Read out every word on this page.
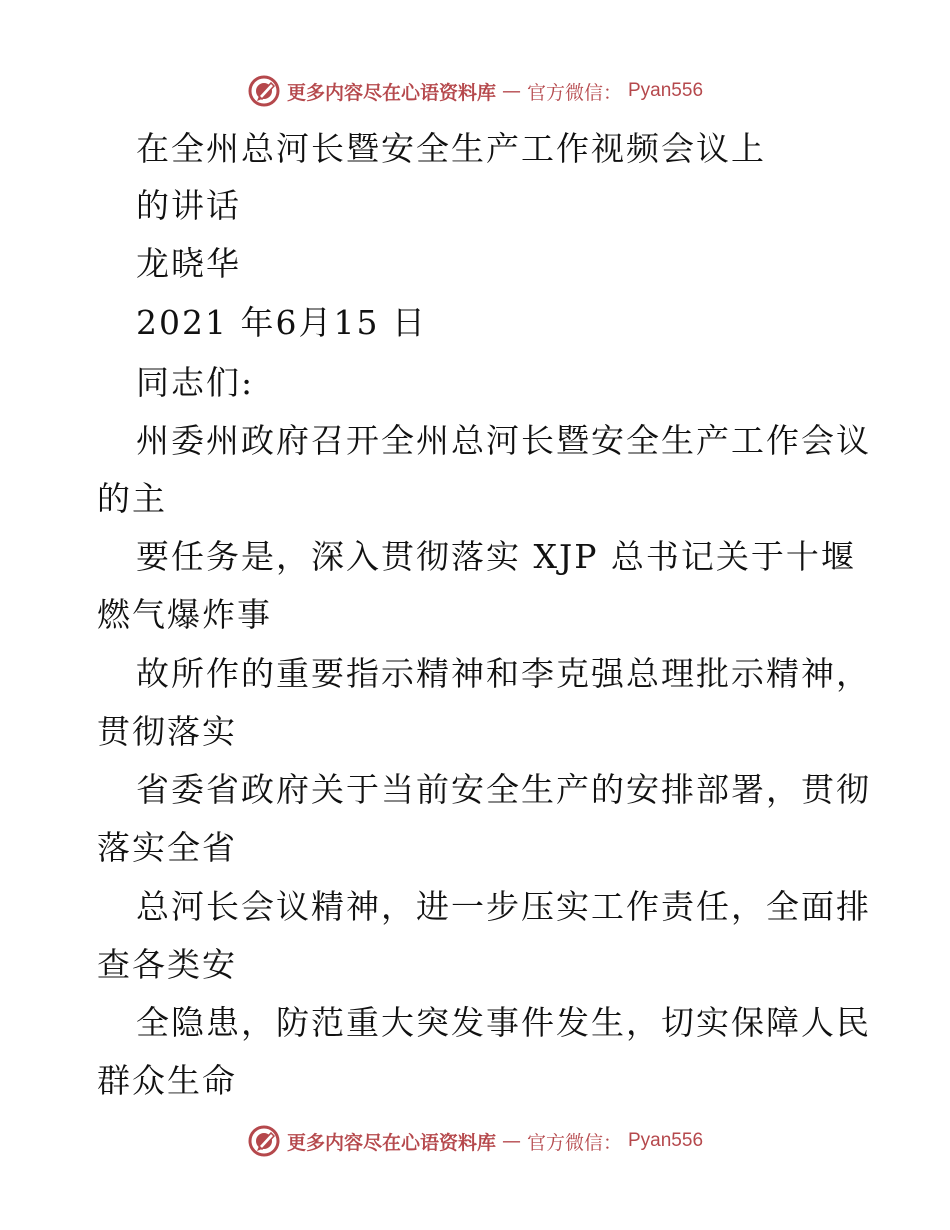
更多内容尽在心语资料库 — 官方微信： Pyan556
在全州总河长暨安全生产工作视频会议上
的讲话
龙晓华
2021 年6月15 日
同志们:
州委州政府召开全州总河长暨安全生产工作会议
的主
要任务是，深入贯彻落实 XJP 总书记关于十堰
燃气爆炸事
故所作的重要指示精神和李克强总理批示精神，
贯彻落实
省委省政府关于当前安全生产的安排部署，贯彻
落实全省
总河长会议精神，进一步压实工作责任，全面排
查各类安
全隐患，防范重大突发事件发生，切实保障人民
群众生命
更多内容尽在心语资料库 — 官方微信： Pyan556
